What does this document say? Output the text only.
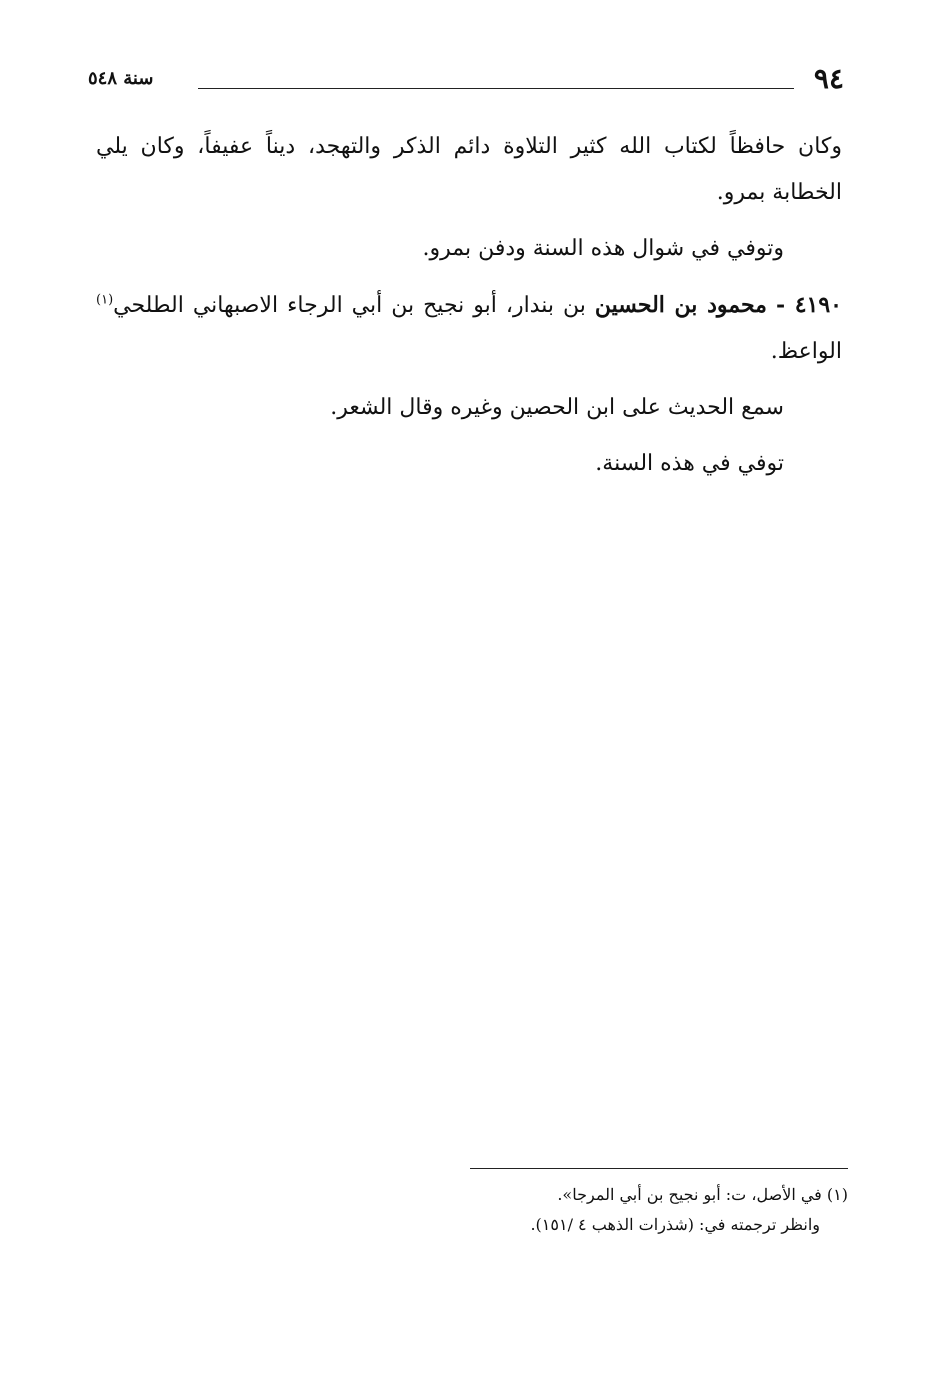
٩٤
سنة ٥٤٨

وكان حافظاً لكتاب الله كثير التلاوة دائم الذكر والتهجد، ديناً عفيفاً، وكان يلي الخطابة بمرو.

وتوفي في شوال هذه السنة ودفن بمرو.

٤١٩٠ - محمود بن الحسين بن بندار، أبو نجيح بن أبي الرجاء الاصبهاني الطلحي$^{(١)}$ الواعظ.

سمع الحديث على ابن الحصين وغيره وقال الشعر.

توفي في هذه السنة.

(١) في الأصل، ت: أبو نجيح بن أبي المرجا».

وانظر ترجمته في: (شذرات الذهب ٤ /١٥١).
